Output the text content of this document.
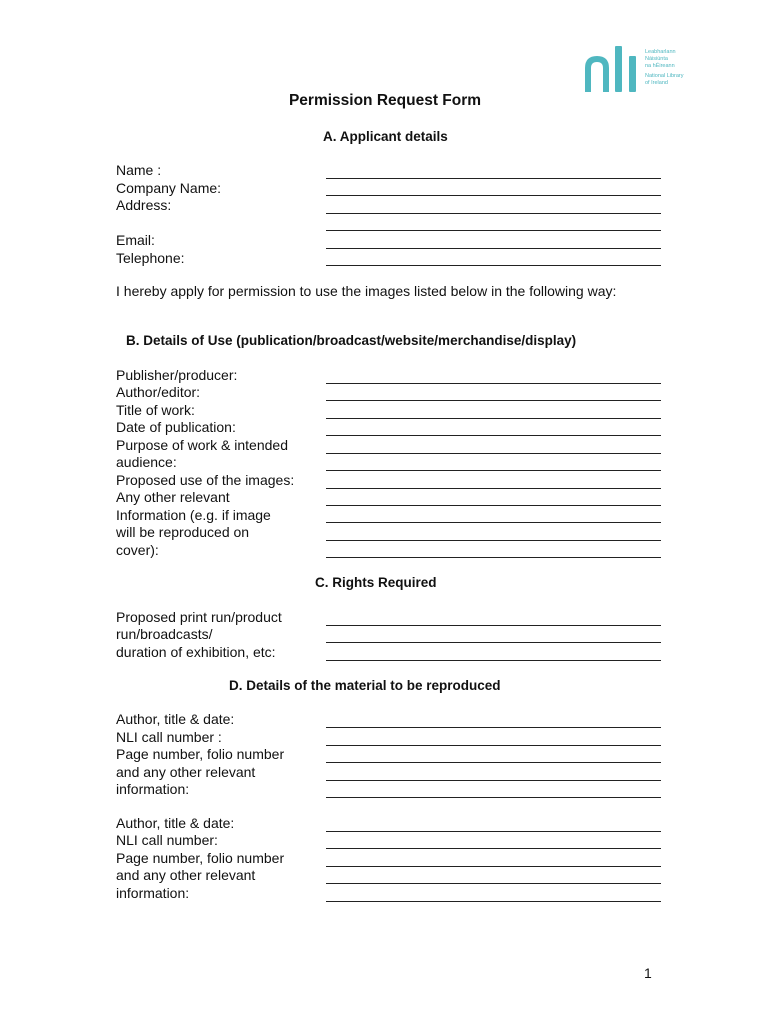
Leabharlann
Náisiúnta
na hÉireann
National Library
of Ireland
Permission Request Form
A. Applicant details
Name :
Company Name:
Address:
Email:
Telephone:
I hereby apply for permission to use the images listed below in the following way:
B. Details of Use (publication/broadcast/website/merchandise/display)
Publisher/producer:
Author/editor:
Title of work:
Date of publication:
Purpose of work & intended
audience:
Proposed use of the images:
Any other relevant
Information (e.g. if image
will be reproduced on
cover):
C. Rights Required
Proposed print run/product
run/broadcasts/
duration of exhibition, etc:
D. Details of the material to be reproduced
Author, title & date:
NLI call number :
Page number, folio number
and any other relevant
information:
Author, title & date:
NLI call number:
Page number, folio number
and any other relevant
information:
1
